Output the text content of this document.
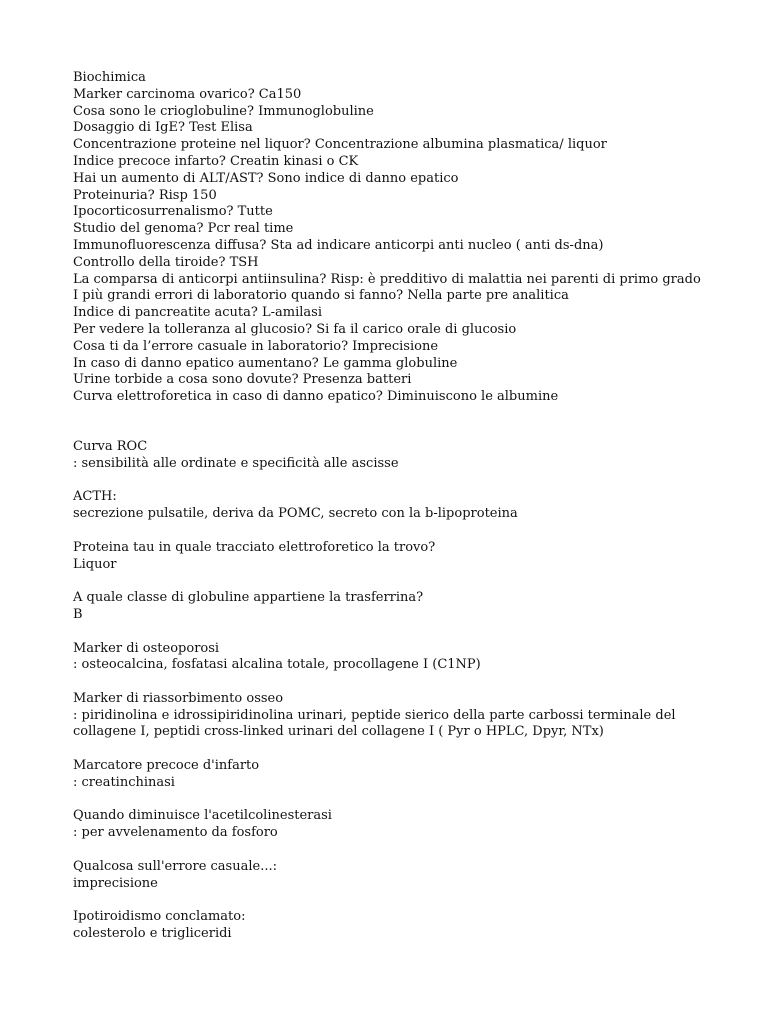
Biochimica
Marker carcinoma ovarico? Ca150
Cosa sono le crioglobuline? Immunoglobuline
Dosaggio di IgE? Test Elisa
Concentrazione proteine nel liquor? Concentrazione albumina plasmatica/ liquor
Indice precoce infarto? Creatin kinasi o CK
Hai un aumento di ALT/AST? Sono indice di danno epatico
Proteinuria? Risp 150
Ipocorticosurrenalismo? Tutte
Studio del genoma? Pcr real time
Immunofluorescenza diffusa? Sta ad indicare anticorpi anti nucleo ( anti ds-dna)
Controllo della tiroide? TSH
La comparsa di anticorpi antiinsulina? Risp: è predditivo di malattia nei parenti di primo grado
I più grandi errori di laboratorio quando si fanno? Nella parte pre analitica
Indice di pancreatite acuta? L-amilasi
Per vedere la tolleranza al glucosio? Si fa il carico orale di glucosio
Cosa ti da l’errore casuale in laboratorio? Imprecisione
In caso di danno epatico aumentano? Le gamma globuline
Urine torbide a cosa sono dovute? Presenza batteri
Curva elettroforetica in caso di danno epatico? Diminuiscono le albumine
Curva ROC
: sensibilità alle ordinate e specificità alle ascisse
ACTH:
secrezione pulsatile, deriva da POMC, secreto con la b-lipoproteina
Proteina tau in quale tracciato elettroforetico la trovo?
Liquor
A quale classe di globuline appartiene la trasferrina?
B
Marker di osteoporosi
: osteocalcina, fosfatasi alcalina totale, procollagene I (C1NP)
Marker di riassorbimento osseo
: piridinolina e idrossipiridinolina urinari, peptide sierico della parte carbossi terminale del
collagene I, peptidi cross-linked urinari del collagene I ( Pyr o HPLC, Dpyr, NTx)
Marcatore precoce d'infarto
: creatinchinasi
Quando diminuisce l'acetilcolinesterasi
: per avvelenamento da fosforo
Qualcosa sull'errore casuale...:
imprecisione
Ipotiroidismo conclamato:
colesterolo e trigliceridi
